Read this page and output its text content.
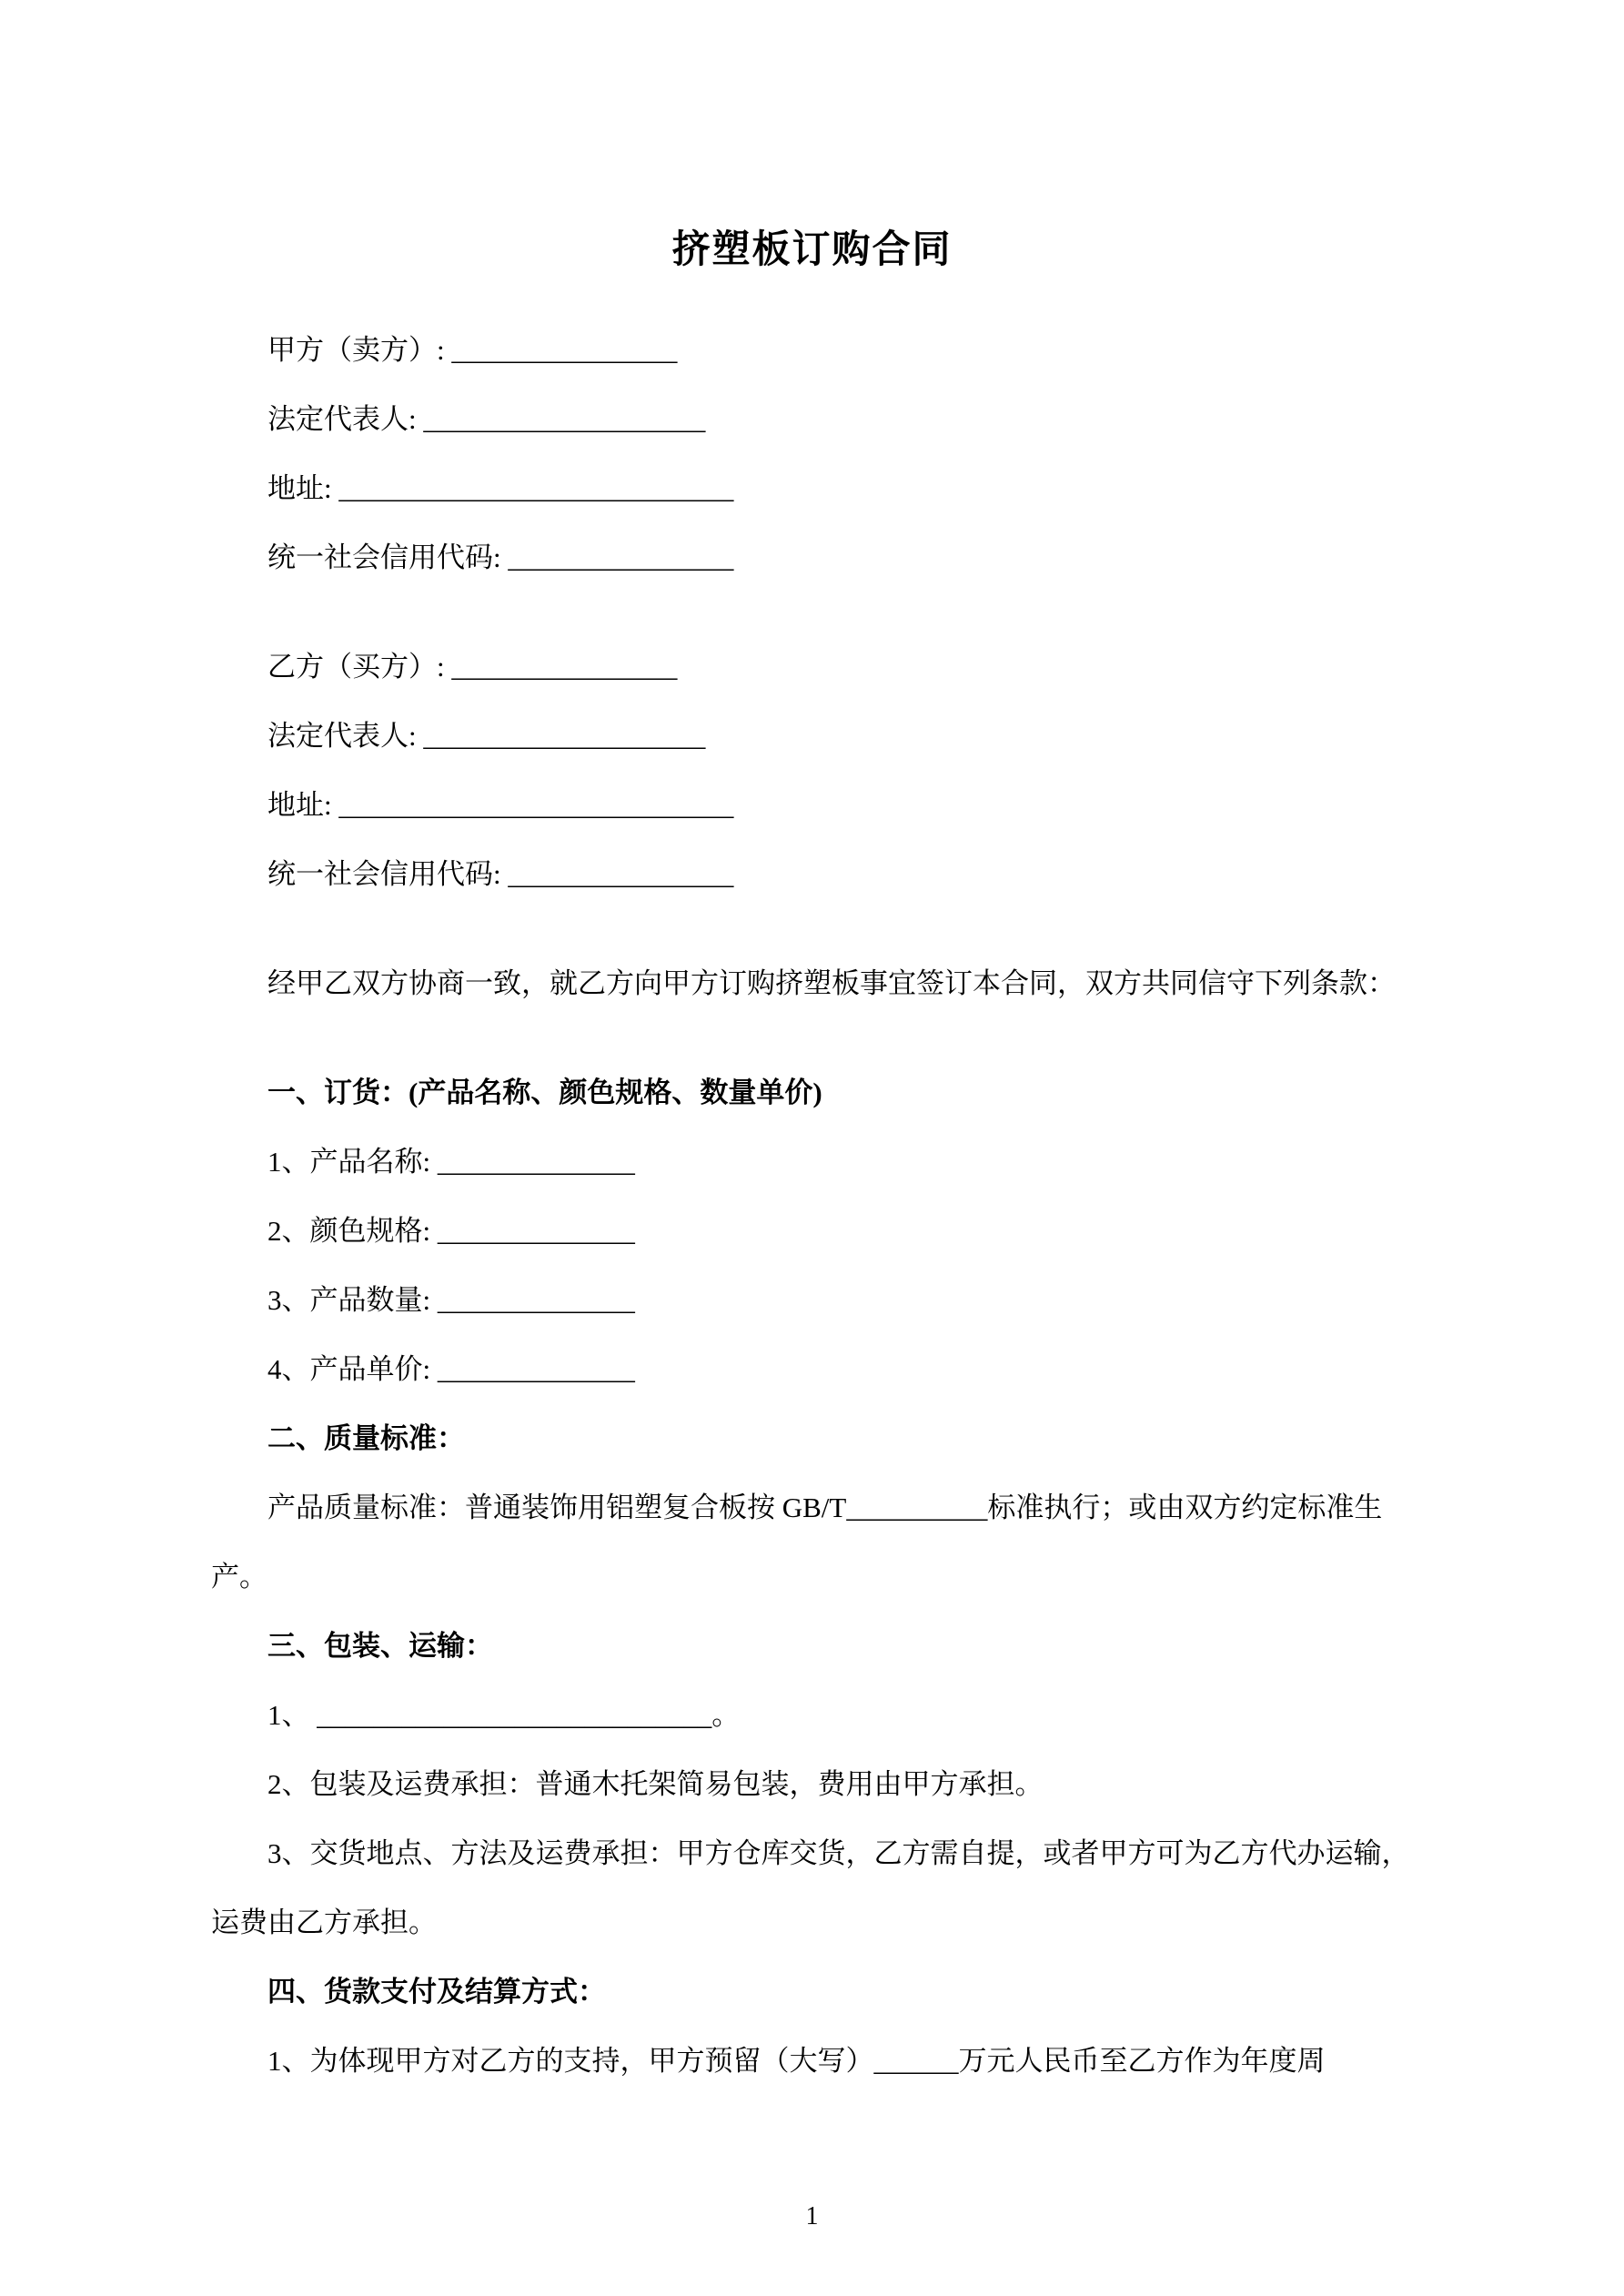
挤塑板订购合同

甲方（卖方）: ________________

法定代表人: ____________________

地址: ____________________________

统一社会信用代码: ________________

乙方（买方）: ________________

法定代表人: ____________________

地址: ____________________________

统一社会信用代码: ________________

经甲乙双方协商一致，就乙方向甲方订购挤塑板事宜签订本合同，双方共同信守下列条款：

一、订货：(产品名称、颜色规格、数量单价)

1、产品名称: ______________

2、颜色规格: ______________

3、产品数量: ______________

4、产品单价: ______________

二、质量标准：

产品质量标准：普通装饰用铝塑复合板按 GB/T__________标准执行；或由双方约定标准生产。

三、包装、运输：

1、 ____________________________。

2、包装及运费承担：普通木托架简易包装，费用由甲方承担。

3、交货地点、方法及运费承担：甲方仓库交货，乙方需自提，或者甲方可为乙方代办运输，运费由乙方承担。

四、货款支付及结算方式：

1、为体现甲方对乙方的支持，甲方预留（大写）______万元人民币至乙方作为年度周

1
